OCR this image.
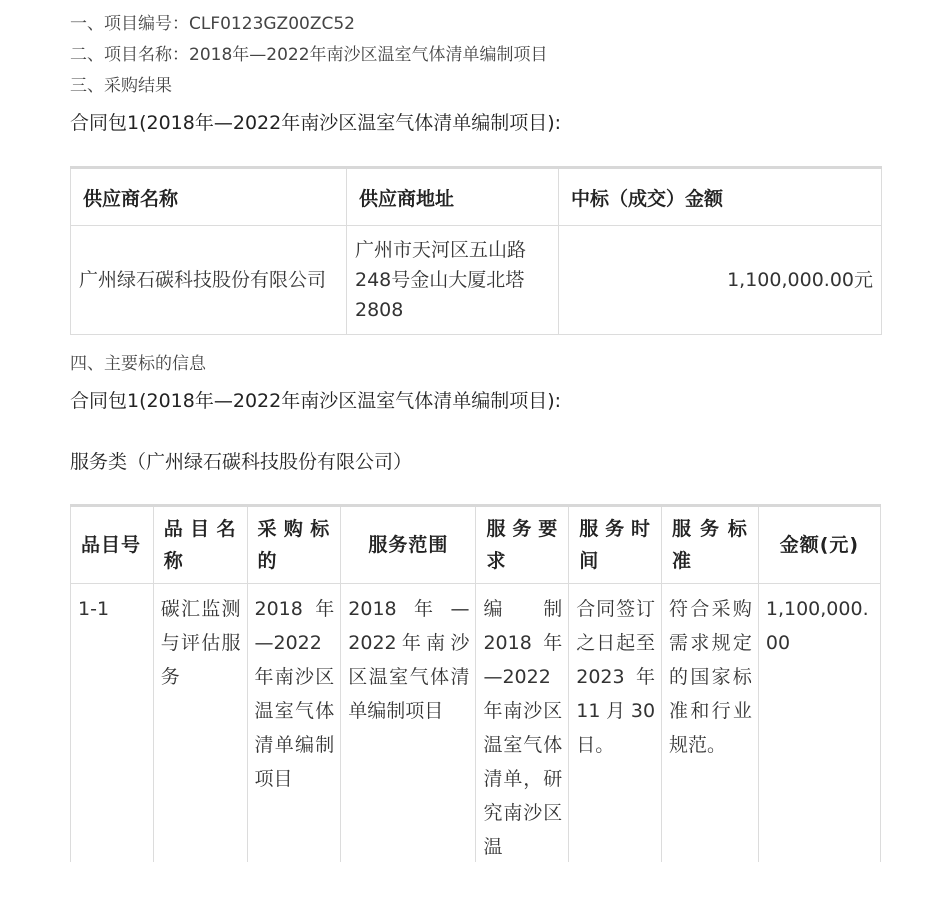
一、项目编号：CLF0123GZ00ZC52
二、项目名称：2018年—2022年南沙区温室气体清单编制项目
三、采购结果
合同包1(2018年—2022年南沙区温室气体清单编制项目):
供应商名称	供应商地址	中标（成交）金额
广州绿石碳科技股份有限公司	广州市天河区五山路248号金山大厦北塔2808	1,100,000.00元
四、主要标的信息
合同包1(2018年—2022年南沙区温室气体清单编制项目):
服务类（广州绿石碳科技股份有限公司）
品目号	品目名称	采购标的	服务范围	服务要求	服务时间	服务标准	金额(元)
1-1	碳汇监测与评估服务	2018年—2022年南沙区温室气体清单编制项目	2018年—2022年南沙区温室气体清单编制项目	编制2018年—2022年南沙区温室气体清单，研究南沙区温	合同签订之日起至2023年11月30日。	符合采购需求规定的国家标准和行业规范。	1,100,000.00
